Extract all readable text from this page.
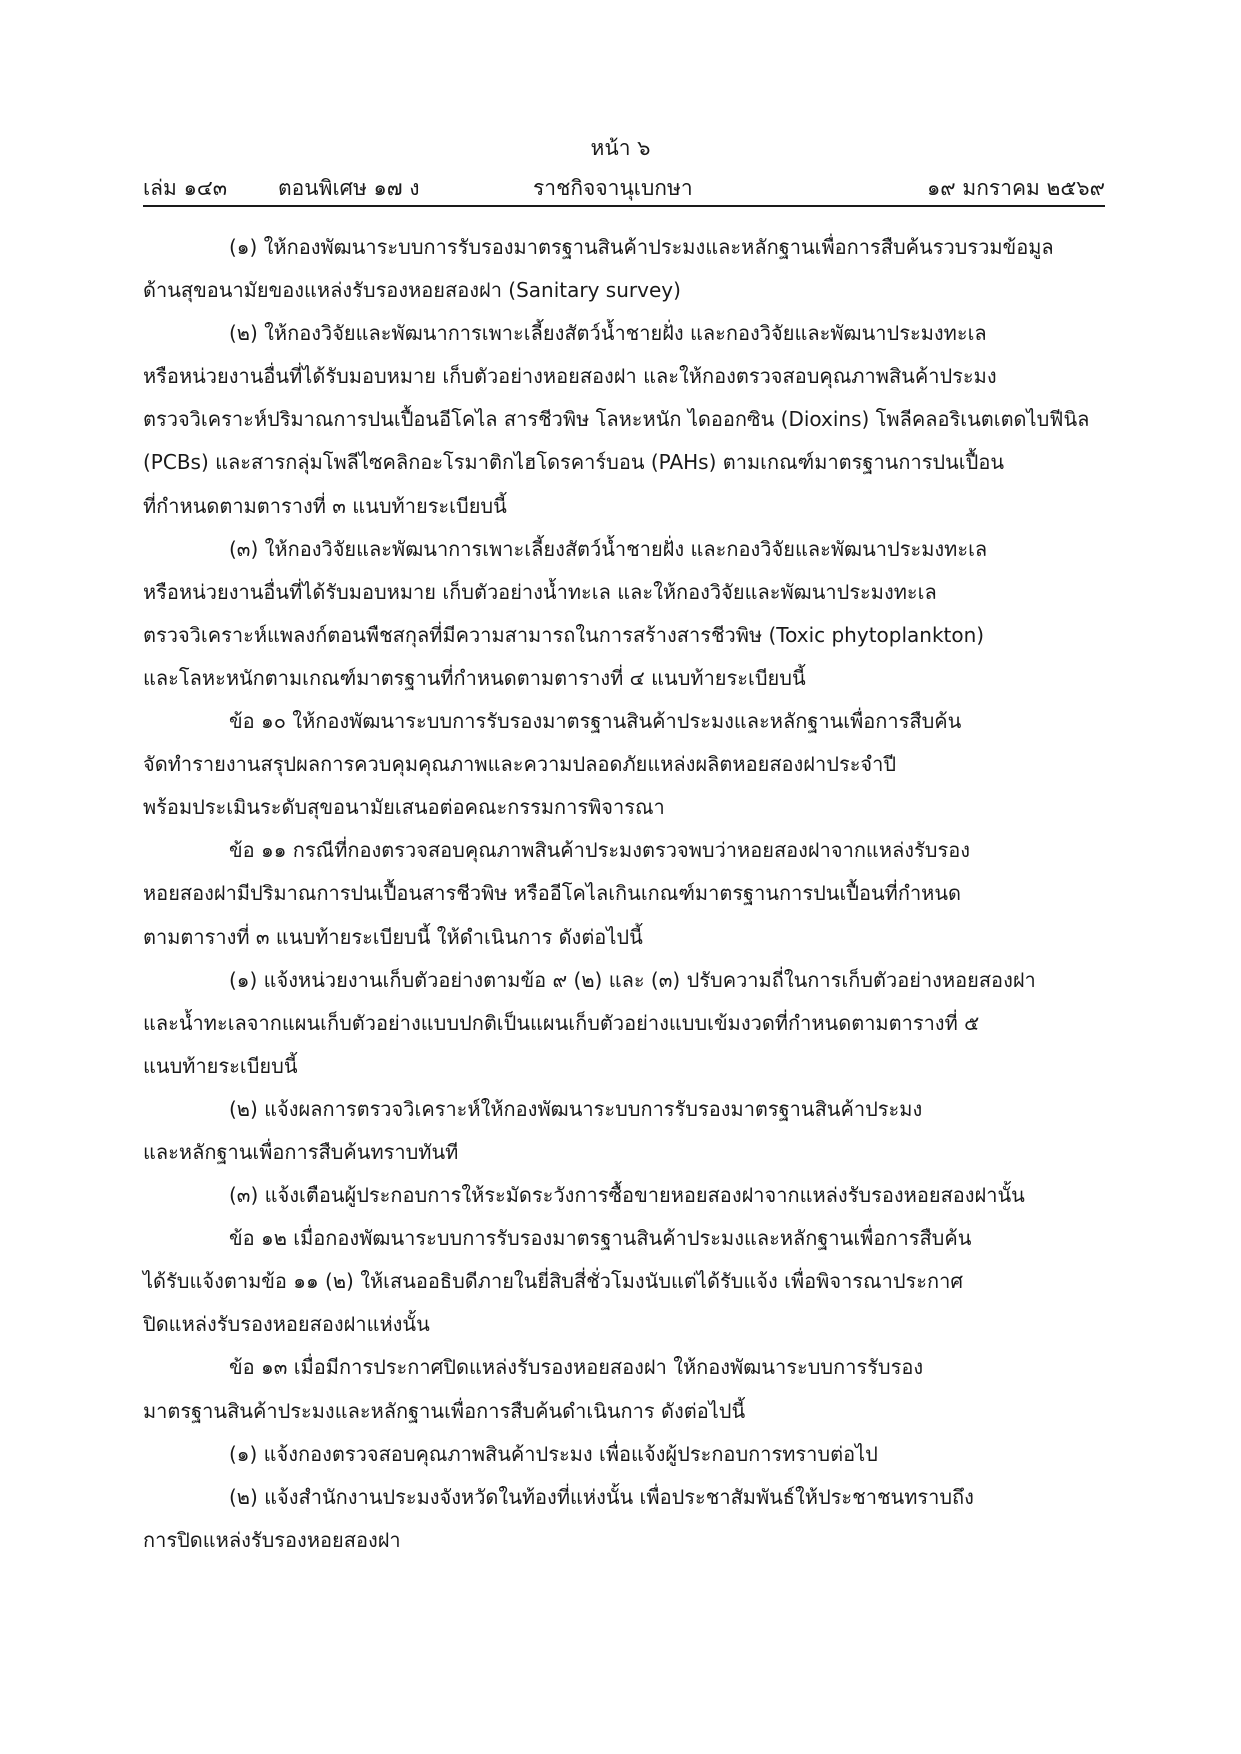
หน้า ๖
เล่ม ๑๔๓ ตอนพิเศษ ๑๗ ง	ราชกิจจานุเบกษา	๑๙ มกราคม ๒๕๖๙

(๑) ให้กองพัฒนาระบบการรับรองมาตรฐานสินค้าประมงและหลักฐานเพื่อการสืบค้นรวบรวมข้อมูล
ด้านสุขอนามัยของแหล่งรับรองหอยสองฝา (Sanitary survey)

(๒) ให้กองวิจัยและพัฒนาการเพาะเลี้ยงสัตว์น้ำชายฝั่ง และกองวิจัยและพัฒนาประมงทะเล
หรือหน่วยงานอื่นที่ได้รับมอบหมาย เก็บตัวอย่างหอยสองฝา และให้กองตรวจสอบคุณภาพสินค้าประมง
ตรวจวิเคราะห์ปริมาณการปนเปื้อนอีโคไล สารชีวพิษ โลหะหนัก ไดออกซิน (Dioxins) โพลีคลอริเนตเตดไบฟีนิล
(PCBs) และสารกลุ่มโพลีไซคลิกอะโรมาติกไฮโดรคาร์บอน (PAHs) ตามเกณฑ์มาตรฐานการปนเปื้อน
ที่กำหนดตามตารางที่ ๓ แนบท้ายระเบียบนี้

(๓) ให้กองวิจัยและพัฒนาการเพาะเลี้ยงสัตว์น้ำชายฝั่ง และกองวิจัยและพัฒนาประมงทะเล
หรือหน่วยงานอื่นที่ได้รับมอบหมาย เก็บตัวอย่างน้ำทะเล และให้กองวิจัยและพัฒนาประมงทะเล
ตรวจวิเคราะห์แพลงก์ตอนพืชสกุลที่มีความสามารถในการสร้างสารชีวพิษ (Toxic phytoplankton)
และโลหะหนักตามเกณฑ์มาตรฐานที่กำหนดตามตารางที่ ๔ แนบท้ายระเบียบนี้

ข้อ ๑๐ ให้กองพัฒนาระบบการรับรองมาตรฐานสินค้าประมงและหลักฐานเพื่อการสืบค้น
จัดทำรายงานสรุปผลการควบคุมคุณภาพและความปลอดภัยแหล่งผลิตหอยสองฝาประจำปี
พร้อมประเมินระดับสุขอนามัยเสนอต่อคณะกรรมการพิจารณา

ข้อ ๑๑ กรณีที่กองตรวจสอบคุณภาพสินค้าประมงตรวจพบว่าหอยสองฝาจากแหล่งรับรอง
หอยสองฝามีปริมาณการปนเปื้อนสารชีวพิษ หรืออีโคไลเกินเกณฑ์มาตรฐานการปนเปื้อนที่กำหนด
ตามตารางที่ ๓ แนบท้ายระเบียบนี้ ให้ดำเนินการ ดังต่อไปนี้

(๑) แจ้งหน่วยงานเก็บตัวอย่างตามข้อ ๙ (๒) และ (๓) ปรับความถี่ในการเก็บตัวอย่างหอยสองฝา
และน้ำทะเลจากแผนเก็บตัวอย่างแบบปกติเป็นแผนเก็บตัวอย่างแบบเข้มงวดที่กำหนดตามตารางที่ ๕
แนบท้ายระเบียบนี้

(๒) แจ้งผลการตรวจวิเคราะห์ให้กองพัฒนาระบบการรับรองมาตรฐานสินค้าประมง
และหลักฐานเพื่อการสืบค้นทราบทันที

(๓) แจ้งเตือนผู้ประกอบการให้ระมัดระวังการซื้อขายหอยสองฝาจากแหล่งรับรองหอยสองฝานั้น

ข้อ ๑๒ เมื่อกองพัฒนาระบบการรับรองมาตรฐานสินค้าประมงและหลักฐานเพื่อการสืบค้น
ได้รับแจ้งตามข้อ ๑๑ (๒) ให้เสนออธิบดีภายในยี่สิบสี่ชั่วโมงนับแต่ได้รับแจ้ง เพื่อพิจารณาประกาศ
ปิดแหล่งรับรองหอยสองฝาแห่งนั้น

ข้อ ๑๓ เมื่อมีการประกาศปิดแหล่งรับรองหอยสองฝา ให้กองพัฒนาระบบการรับรอง
มาตรฐานสินค้าประมงและหลักฐานเพื่อการสืบค้นดำเนินการ ดังต่อไปนี้

(๑) แจ้งกองตรวจสอบคุณภาพสินค้าประมง เพื่อแจ้งผู้ประกอบการทราบต่อไป

(๒) แจ้งสำนักงานประมงจังหวัดในท้องที่แห่งนั้น เพื่อประชาสัมพันธ์ให้ประชาชนทราบถึง
การปิดแหล่งรับรองหอยสองฝา
